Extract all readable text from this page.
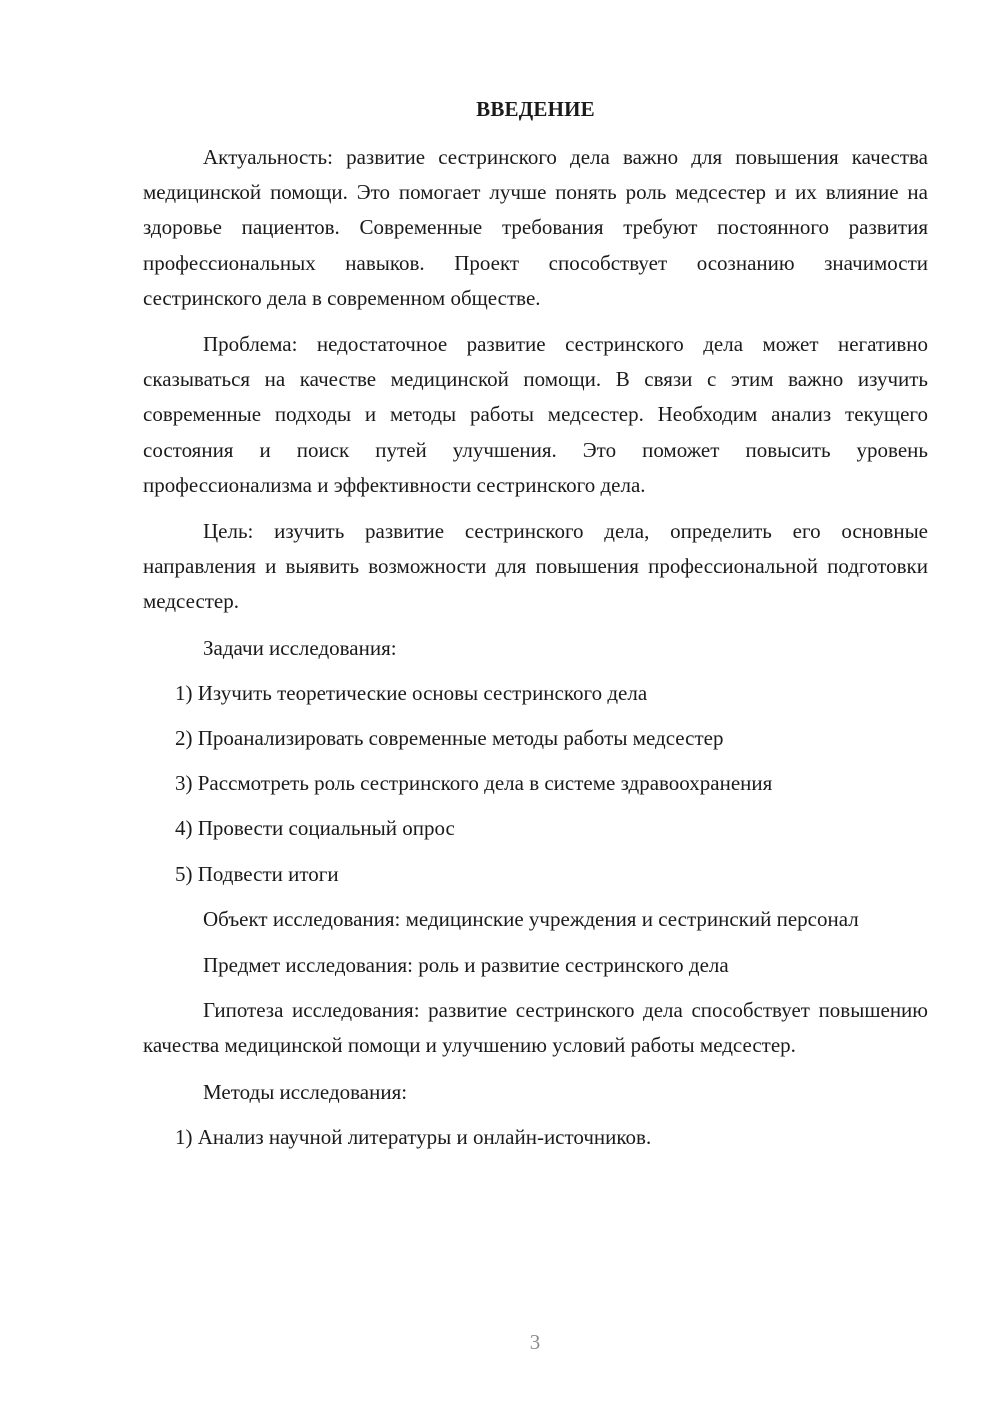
ВВЕДЕНИЕ

Актуальность: развитие сестринского дела важно для повышения качества медицинской помощи. Это помогает лучше понять роль медсестер и их влияние на здоровье пациентов. Современные требования требуют постоянного развития профессиональных навыков. Проект способствует осознанию значимости сестринского дела в современном обществе.

Проблема: недостаточное развитие сестринского дела может негативно сказываться на качестве медицинской помощи. В связи с этим важно изучить современные подходы и методы работы медсестер. Необходим анализ текущего состояния и поиск путей улучшения. Это поможет повысить уровень профессионализма и эффективности сестринского дела.

Цель: изучить развитие сестринского дела, определить его основные направления и выявить возможности для повышения профессиональной подготовки медсестер.

Задачи исследования:
1) Изучить теоретические основы сестринского дела
2) Проанализировать современные методы работы медсестер
3) Рассмотреть роль сестринского дела в системе здравоохранения
4) Провести социальный опрос
5) Подвести итоги

Объект исследования: медицинские учреждения и сестринский персонал

Предмет исследования: роль и развитие сестринского дела

Гипотеза исследования: развитие сестринского дела способствует повышению качества медицинской помощи и улучшению условий работы медсестер.

Методы исследования:
1) Анализ научной литературы и онлайн-источников.
3
